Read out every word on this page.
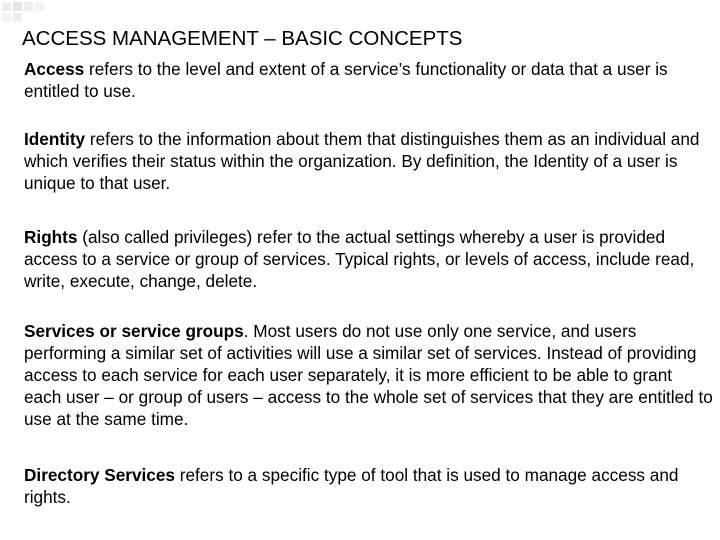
ACCESS MANAGEMENT – BASIC CONCEPTS
Access refers to the level and extent of a service’s functionality or data that a user is entitled to use.
Identity refers to the information about them that distinguishes them as an individual and which verifies their status within the organization. By definition, the Identity of a user is unique to that user.
Rights (also called privileges) refer to the actual settings whereby a user is provided access to a service or group of services. Typical rights, or levels of access, include read, write, execute, change, delete.
Services or service groups. Most users do not use only one service, and users performing a similar set of activities will use a similar set of services. Instead of providing access to each service for each user separately, it is more efficient to be able to grant each user – or group of users – access to the whole set of services that they are entitled to use at the same time.
Directory Services refers to a specific type of tool that is used to manage access and rights.
